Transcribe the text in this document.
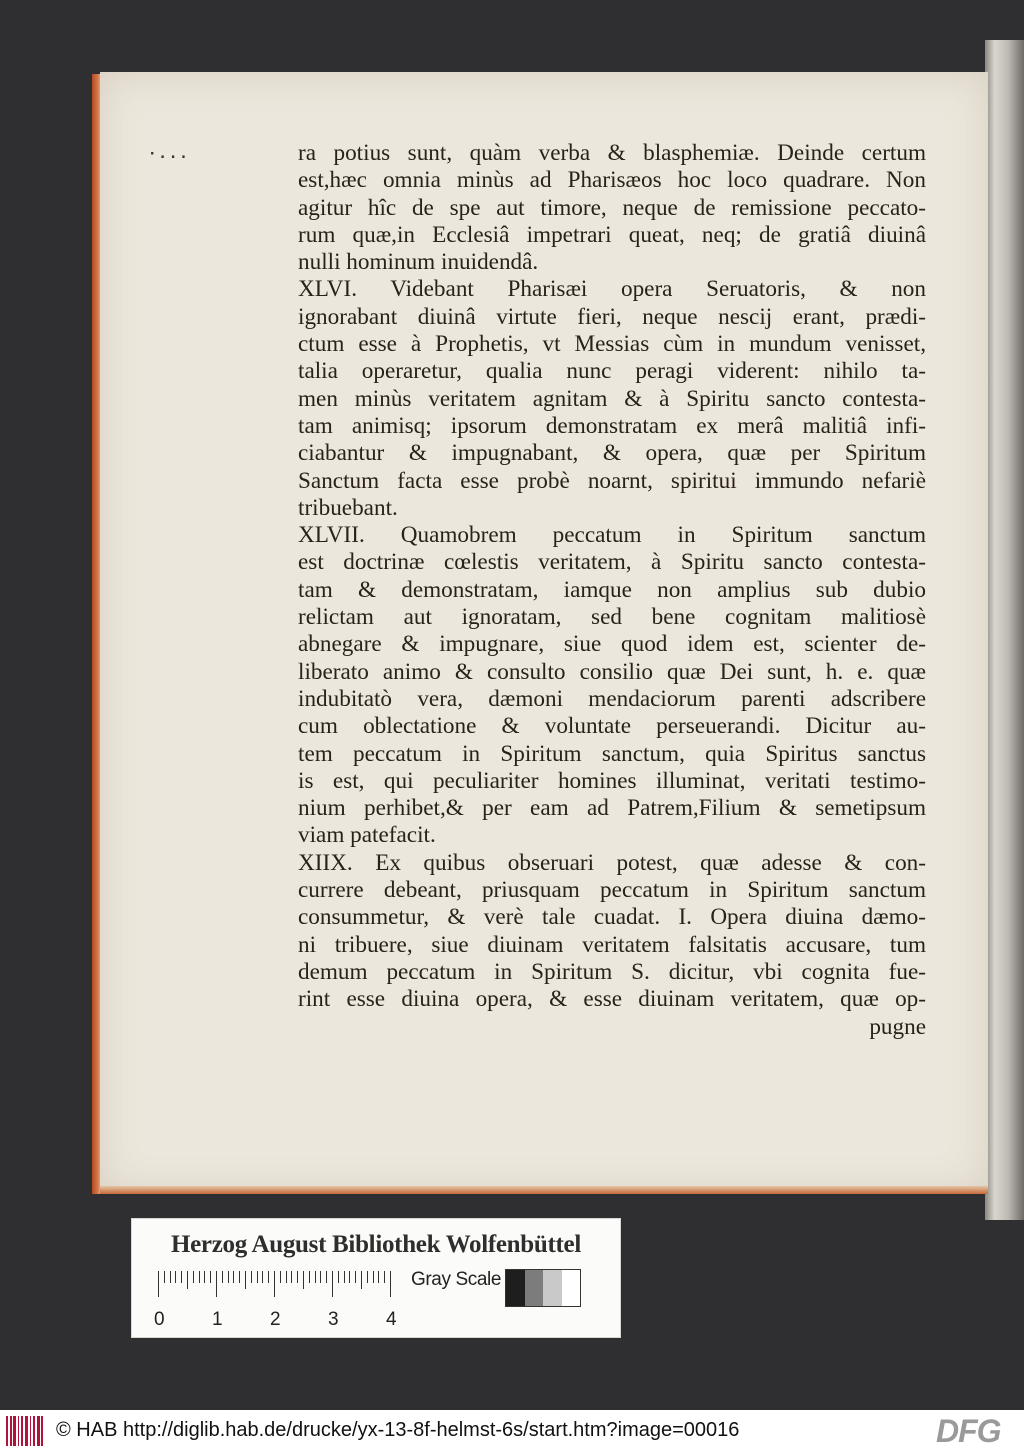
·...	ra potius sunt, quàm verba & blasphemiæ. Deinde certum
est,hæc omnia minùs ad Pharisæos hoc loco quadrare. Non
agitur hîc de spe aut timore, neque de remissione peccato-
rum quæ,in Ecclesiâ impetrari queat, neq; de gratiâ diuinâ
nulli hominum inuidendâ.
XLVI. Videbant Pharisæi opera Seruatoris, & non
ignorabant diuinâ virtute fieri, neque nescij erant, prædi-
ctum esse à Prophetis, vt Messias cùm in mundum venisset,
talia operaretur, qualia nunc peragi viderent: nihilo ta-
men minùs veritatem agnitam & à Spiritu sancto contesta-
tam animisq; ipsorum demonstratam ex merâ malitiâ infi-
ciabantur & impugnabant, & opera, quæ per Spiritum
Sanctum facta esse probè noarnt, spiritui immundo nefariè
tribuebant.
XLVII. Quamobrem peccatum in Spiritum sanctum
est doctrinæ cœlestis veritatem, à Spiritu sancto contesta-
tam & demonstratam, iamque non amplius sub dubio
relictam aut ignoratam, sed bene cognitam malitiosè
abnegare & impugnare, siue quod idem est, scienter de-
liberato animo & consulto consilio quæ Dei sunt, h. e. quæ
indubitatò vera, dæmoni mendaciorum parenti adscribere
cum oblectatione & voluntate perseuerandi. Dicitur au-
tem peccatum in Spiritum sanctum, quia Spiritus sanctus
is est, qui peculiariter homines illuminat, veritati testimo-
nium perhibet,& per eam ad Patrem,Filium & semetipsum
viam patefacit.
XIIX. Ex quibus obseruari potest, quæ adesse & con-
currere debeant, priusquam peccatum in Spiritum sanctum
consummetur, & verè tale cuadat. I. Opera diuina dæmo-
ni tribuere, siue diuinam veritatem falsitatis accusare, tum
demum peccatum in Spiritum S. dicitur, vbi cognita fue-
rint esse diuina opera, & esse diuinam veritatem, quæ op-
pugne
Herzog August Bibliothek Wolfenbüttel
0 1 2 3 4
Gray Scale
© HAB http://diglib.hab.de/drucke/yx-13-8f-helmst-6s/start.htm?image=00016	DFG
